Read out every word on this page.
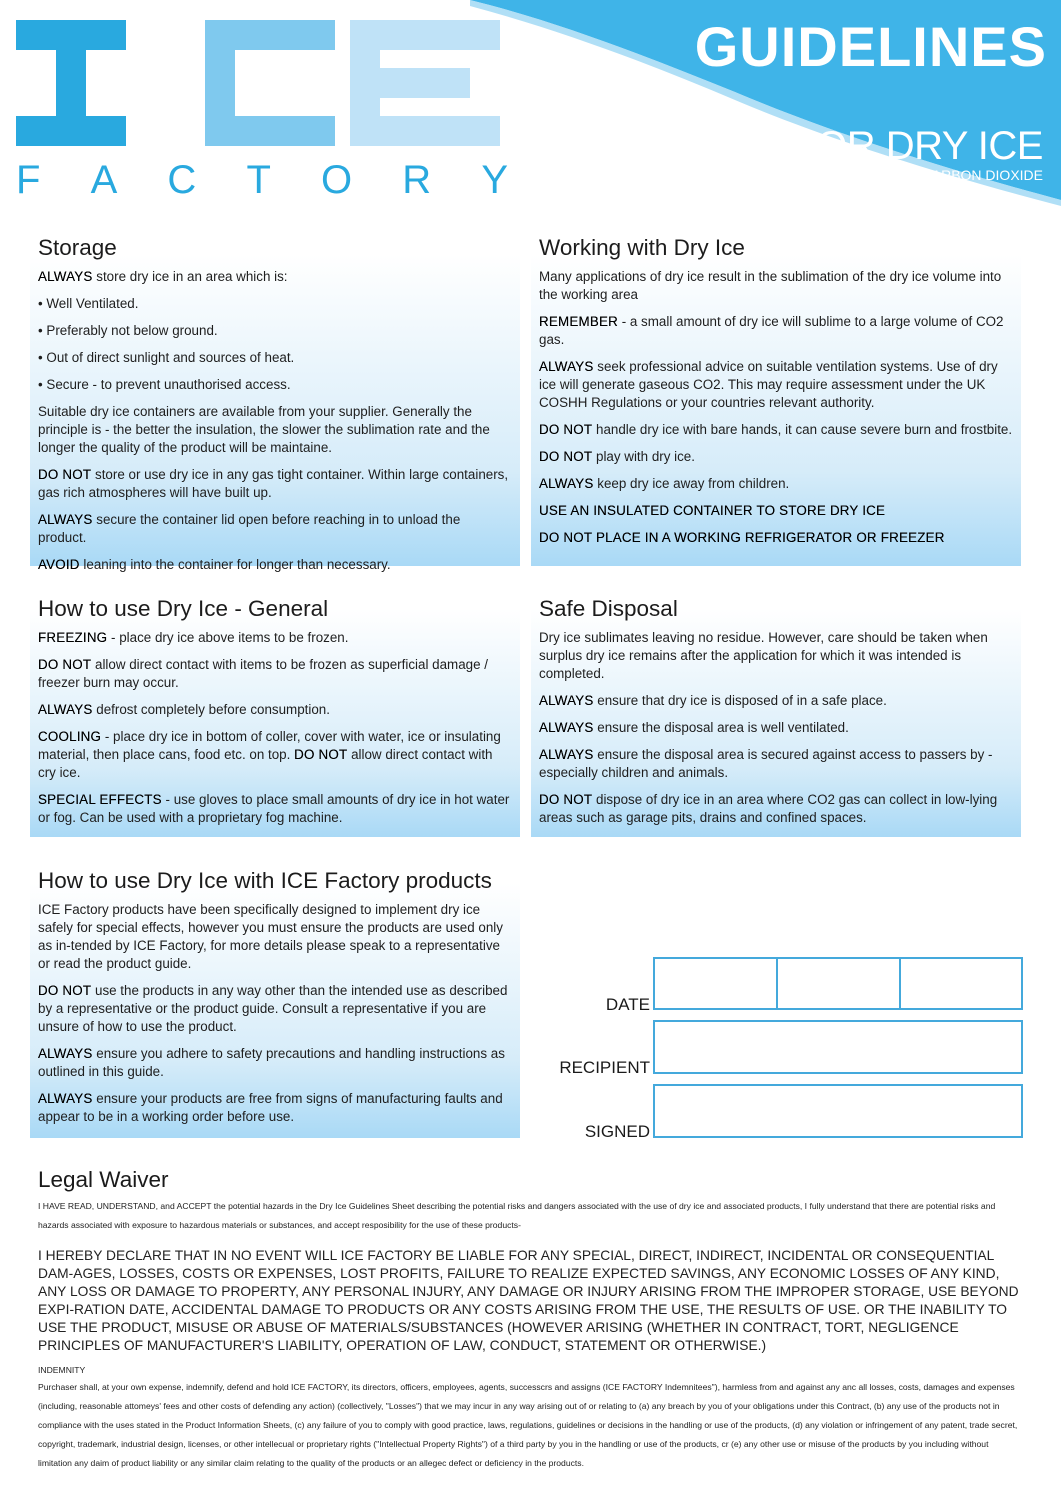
F A C T O R Y
GUIDELINES
FOR DRY ICE
SOLID CARBON DIOXIDE
Storage

ALWAYS store dry ice in an area which is:

• Well Ventilated.

• Preferably not below ground.

• Out of direct sunlight and sources of heat.

• Secure - to prevent unauthorised access.

Suitable dry ice containers are available from your supplier. Generally the principle is - the better the insulation, the slower the sublimation rate and the longer the quality of the product will be maintaine.

DO NOT store or use dry ice in any gas tight container. Within large containers, gas rich atmospheres will have built up.

ALWAYS secure the container lid open before reaching in to unload the product.

AVOID leaning into the container for longer than necessary.

Working with Dry Ice

Many applications of dry ice result in the sublimation of the dry ice volume into the working area

REMEMBER - a small amount of dry ice will sublime to a large volume of CO2 gas.

ALWAYS seek professional advice on suitable ventilation systems. Use of dry ice will generate gaseous CO2. This may require assessment under the UK COSHH Regulations or your countries relevant authority.

DO NOT handle dry ice with bare hands, it can cause severe burn and frostbite.

DO NOT play with dry ice.

ALWAYS keep dry ice away from children.

USE AN INSULATED CONTAINER TO STORE DRY ICE

DO NOT PLACE IN A WORKING REFRIGERATOR OR FREEZER

How to use Dry Ice - General

FREEZING - place dry ice above items to be frozen.

DO NOT allow direct contact with items to be frozen as superficial damage / freezer burn may occur.

ALWAYS defrost completely before consumption.

COOLING - place dry ice in bottom of coller, cover with water, ice or insulating material, then place cans, food etc. on top. DO NOT allow direct contact with cry ice.

SPECIAL EFFECTS - use gloves to place small amounts of dry ice in hot water or fog. Can be used with a proprietary fog machine.

Safe Disposal

Dry ice sublimates leaving no residue. However, care should be taken when surplus dry ice remains after the application for which it was intended is completed.

ALWAYS ensure that dry ice is disposed of in a safe place.

ALWAYS ensure the disposal area is well ventilated.

ALWAYS ensure the disposal area is secured against access to passers by - especially children and animals.

DO NOT dispose of dry ice in an area where CO2 gas can collect in low-lying areas such as garage pits, drains and confined spaces.

How to use Dry Ice with ICE Factory products

ICE Factory products have been specifically designed to implement dry ice safely for special effects, however you must ensure the products are used only as in-tended by ICE Factory, for more details please speak to a representative or read the product guide.

DO NOT use the products in any way other than the intended use as described by a representative or the product guide. Consult a representative if you are unsure of how to use the product.

ALWAYS ensure you adhere to safety precautions and handling instructions as outlined in this guide.

ALWAYS ensure your products are free from signs of manufacturing faults and appear to be in a working order before use.

DATE
RECIPIENT
SIGNED
Legal Waiver

I HAVE READ, UNDERSTAND, and ACCEPT the potential hazards in the Dry Ice Guidelines Sheet describing the potential risks and dangers associated with the use of dry ice and associated products, I fully understand that there are potential risks and hazards associated with exposure to hazardous materials or substances, and accept resposibility for the use of these products-

I HEREBY DECLARE THAT IN NO EVENT WILL ICE FACTORY BE LIABLE FOR ANY SPECIAL, DIRECT, INDIRECT, INCIDENTAL OR CONSEQUENTIAL DAM-AGES, LOSSES, COSTS OR EXPENSES, LOST PROFITS, FAILURE TO REALIZE EXPECTED SAVINGS, ANY ECONOMIC LOSSES OF ANY KIND, ANY LOSS OR DAMAGE TO PROPERTY, ANY PERSONAL INJURY, ANY DAMAGE OR INJURY ARISING FROM THE IMPROPER STORAGE, USE BEYOND EXPI-RATION DATE, ACCIDENTAL DAMAGE TO PRODUCTS OR ANY COSTS ARISING FROM THE USE, THE RESULTS OF USE. OR THE INABILITY TO USE THE PRODUCT, MISUSE OR ABUSE OF MATERIALS/SUBSTANCES (HOWEVER ARISING (WHETHER IN CONTRACT, TORT, NEGLIGENCE PRINCIPLES OF MANUFACTURER'S LIABILITY, OPERATION OF LAW, CONDUCT, STATEMENT OR OTHERWISE.)

INDEMNITY

Purchaser shall, at your own expense, indemnify, defend and hold ICE FACTORY, its directors, officers, employees, agents, successcrs and assigns (ICE FACTORY Indemnitees"), harmless from and against any anc all losses, costs, damages and expenses (including, reasonable attomeys' fees and other costs of defending any action) (collectively, "Losses") that we may incur in any way arising out of or relating to (a) any breach by you of your obligations under this Contract, (b) any use of the products not in compliance with the uses stated in the Product Information Sheets, (c) any failure of you to comply with good practice, laws, regulations, guidelines or decisions in the handling or use of the products, (d) any violation or infringement of any patent, trade secret, copyright, trademark, industrial design, licenses, or other intellecual or proprietary rights ("Intellectual Property Rights") of a third party by you in the handling or use of the products, cr (e) any other use or misuse of the products by you including without limitation any daim of product liability or any similar claim relating to the quality of the products or an allegec defect or deficiency in the products.
